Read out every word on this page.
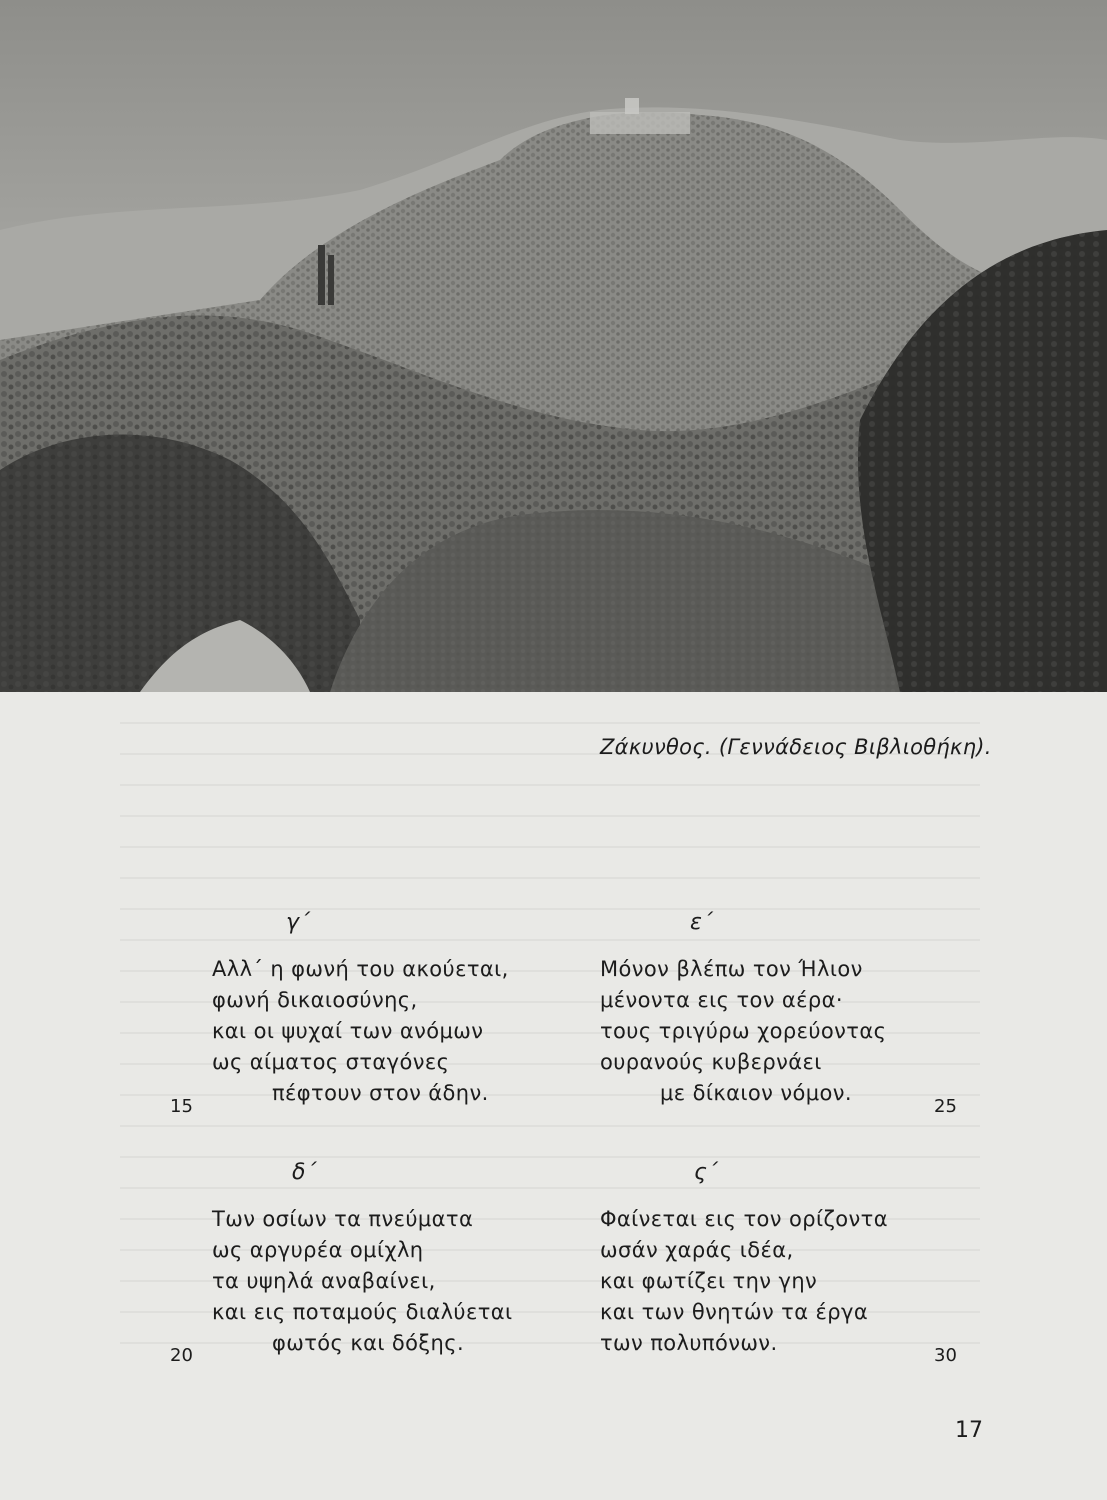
Ζάκυνθος. (Γεννάδειος Βιβλιοθήκη).
γ΄
Αλλ΄ η φωνή του ακούεται,
φωνή δικαιοσύνης,
και οι ψυχαί των ανόμων
ως αίματος σταγόνες
πέφτουν στον άδην.
15
δ΄
Των οσίων τα πνεύματα
ως αργυρέα ομίχλη
τα υψηλά αναβαίνει,
και εις ποταμούς διαλύεται
φωτός και δόξης.
20
ε΄
Μόνον βλέπω τον Ήλιον
μένοντα εις τον αέρα·
τους τριγύρω χορεύοντας
ουρανούς κυβερνάει
με δίκαιον νόμον.
25
ς΄
Φαίνεται εις τον ορίζοντα
ωσάν χαράς ιδέα,
και φωτίζει την γην
και των θνητών τα έργα
των πολυπόνων.
30
17
